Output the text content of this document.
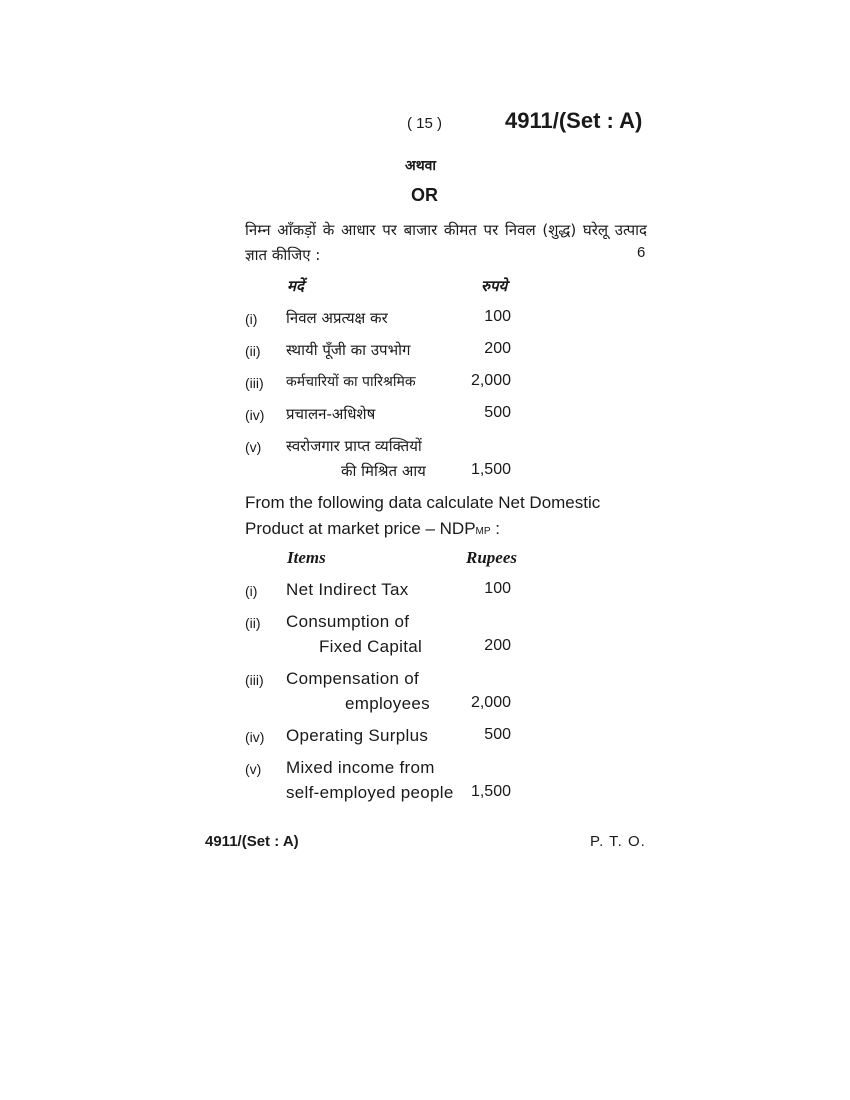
( 15 )	4911/(Set : A)
अथवा
OR
निम्न आँकड़ों के आधार पर बाजार कीमत पर निवल (शुद्ध) घरेलू उत्पाद ज्ञात कीजिए :	6
मदें	रुपये
(i) निवल अप्रत्यक्ष कर	100
(ii) स्थायी पूँजी का उपभोग	200
(iii) कर्मचारियों का पारिश्रमिक	2,000
(iv) प्रचालन-अधिशेष	500
(v) स्वरोजगार प्राप्त व्यक्तियों
की मिश्रित आय	1,500
From the following data calculate Net Domestic Product at market price – NDPMP :
Items	Rupees
(i) Net Indirect Tax	100
(ii) Consumption of
Fixed Capital	200
(iii) Compensation of
employees	2,000
(iv) Operating Surplus	500
(v) Mixed income from
self-employed people	1,500
4911/(Set : A)	P. T. O.
